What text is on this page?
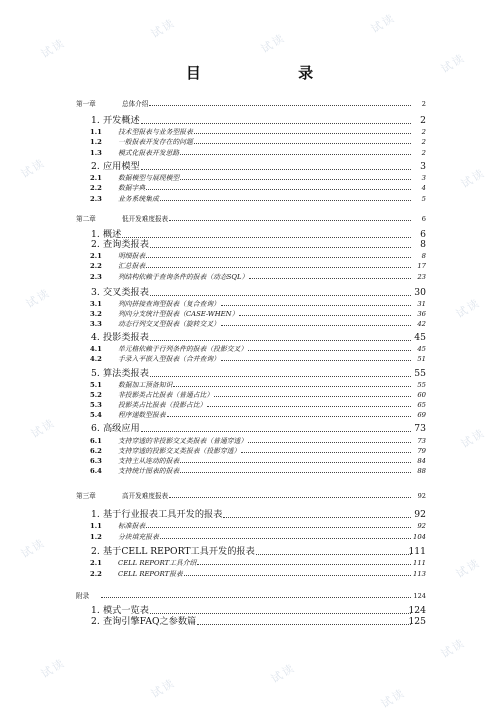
目 录
第一章	总体介绍	2
1. 开发概述	2
1.1 技术型报表与业务型报表	2
1.2 一般报表开发存在的问题	2
1.3 模式化报表开发思路	2
2. 应用模型	3
2.1 数据模型与展现模型	3
2.2 数据字典	4
2.3 业务系统集成	5
第二章	低开发难度报表	6
1. 概述	6
2. 查询类报表	8
2.1 明细报表	8
2.2 汇总报表	17
2.3 列结构依赖于查询条件的报表（动态SQL）	23
3. 交叉类报表	30
3.1 列向拼接查询型报表（复合查询）	31
3.2 列向分支统计型报表（CASE-WHEN）	36
3.3 动态行列交叉型报表（旋转交叉）	42
4. 投影类报表	45
4.1 单元格依赖于行列条件的报表（投影交叉）	45
4.2 手录入平嵌入型报表（合并查询）	51
5. 算法类报表	55
5.1 数据加工预备知识	55
5.2 非投影类占比报表（普通占比）	60
5.3 投影类占比报表（投影占比）	65
5.4 程序递数型报表	69
6. 高级应用	73
6.1 支持穿透的非投影交叉类报表（普通穿透）	73
6.2 支持穿透的投影交叉类报表（投影穿透）	79
6.3 支持主从连动的报表	84
6.4 支持统计图表的报表	88
第三章	高开发难度报表	92
1. 基于行业报表工具开发的报表	92
1.1 标准报表	92
1.2 分块填充报表	104
2. 基于CELL REPORT工具开发的报表	111
2.1 CELL REPORT工具介绍	111
2.2 CELL REPORT报表	113
附录	124
1. 模式一览表	124
2. 查询引擎FAQ之参数篇	125
试读
试读
试读
试读
试读
试读	试读
试读	试读
试读	试读
试读
试读
试读
试读
试读
试读
试读
